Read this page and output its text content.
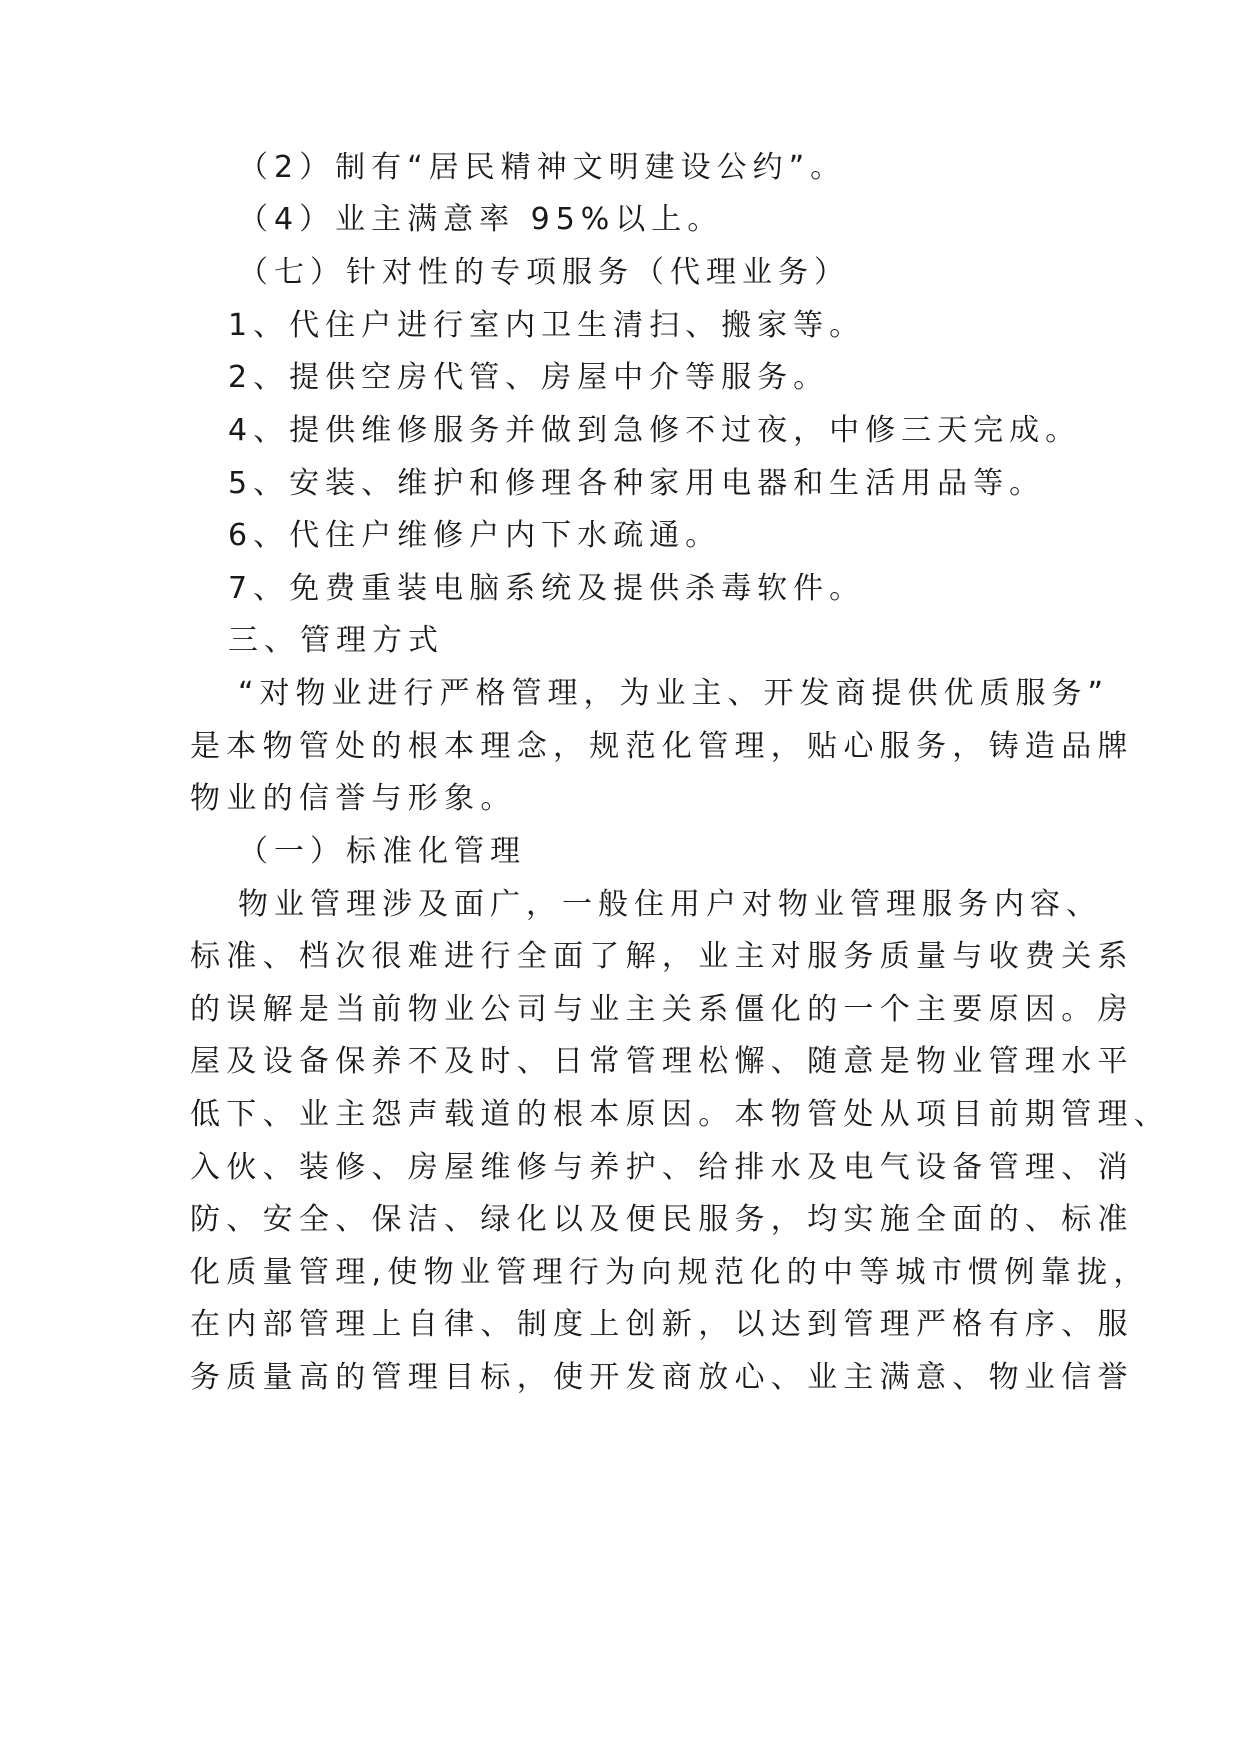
（2）制有“居民精神文明建设公约”。
（4）业主满意率 95%以上。
（七）针对性的专项服务（代理业务）
1、代住户进行室内卫生清扫、搬家等。
2、提供空房代管、房屋中介等服务。
4、提供维修服务并做到急修不过夜，中修三天完成。
5、安装、维护和修理各种家用电器和生活用品等。
6、代住户维修户内下水疏通。
7、免费重装电脑系统及提供杀毒软件。
三、管理方式
“对物业进行严格管理，为业主、开发商提供优质服务”
是本物管处的根本理念，规范化管理，贴心服务，铸造品牌
物业的信誉与形象。
（一）标准化管理
物业管理涉及面广，一般住用户对物业管理服务内容、
标准、档次很难进行全面了解，业主对服务质量与收费关系
的误解是当前物业公司与业主关系僵化的一个主要原因。房
屋及设备保养不及时、日常管理松懈、随意是物业管理水平
低下、业主怨声载道的根本原因。本物管处从项目前期管理、
入伙、装修、房屋维修与养护、给排水及电气设备管理、消
防、安全、保洁、绿化以及便民服务，均实施全面的、标准
化质量管理,使物业管理行为向规范化的中等城市惯例靠拢，
在内部管理上自律、制度上创新，以达到管理严格有序、服
务质量高的管理目标，使开发商放心、业主满意、物业信誉
